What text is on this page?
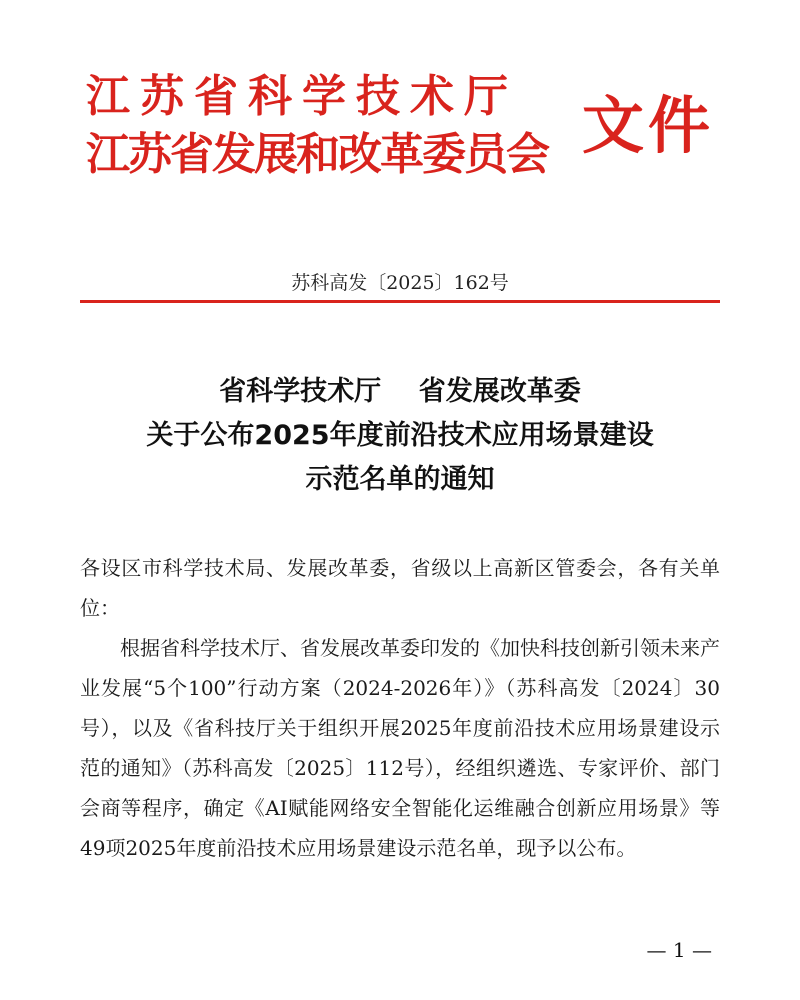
江苏省科学技术厅
江苏省发展和改革委员会 文件
苏科高发〔2025〕162号
省科学技术厅    省发展改革委
关于公布2025年度前沿技术应用场景建设
示范名单的通知

各设区市科学技术局、发展改革委，省级以上高新区管委会，各有关单位：

根据省科学技术厅、省发展改革委印发的《加快科技创新引领未来产业发展“5个100”行动方案（2024-2026年）》（苏科高发〔2024〕30号），以及《省科技厅关于组织开展2025年度前沿技术应用场景建设示范的通知》（苏科高发〔2025〕112号），经组织遴选、专家评价、部门会商等程序，确定《AI赋能网络安全智能化运维融合创新应用场景》等49项2025年度前沿技术应用场景建设示范名单，现予以公布。

— 1 —
